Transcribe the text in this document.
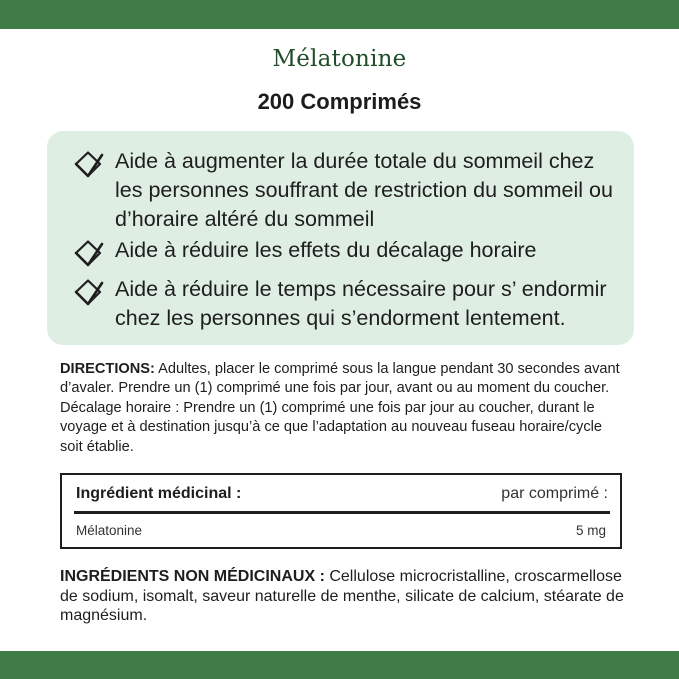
Mélatonine
200 Comprimés
Aide à augmenter la durée totale du sommeil chez les personnes souffrant de restriction du sommeil ou d’horaire altéré du sommeil
Aide à réduire les effets du décalage horaire
Aide à réduire le temps nécessaire pour s’ endormir chez les personnes qui s’endorment lentement.
DIRECTIONS: Adultes, placer le comprimé sous la langue pendant 30 secondes avant d’avaler. Prendre un (1) comprimé une fois par jour, avant ou au moment du coucher. Décalage horaire : Prendre un (1) comprimé une fois par jour au coucher, durant le voyage et à destination jusqu’à ce que l’adaptation au nouveau fuseau horaire/cycle soit établie.
Ingrédient médicinal :	par comprimé :
Mélatonine	5 mg
INGRÉDIENTS NON MÉDICINAUX : Cellulose microcristalline, croscarmellose de sodium, isomalt, saveur naturelle de menthe, silicate de calcium, stéarate de magnésium.
